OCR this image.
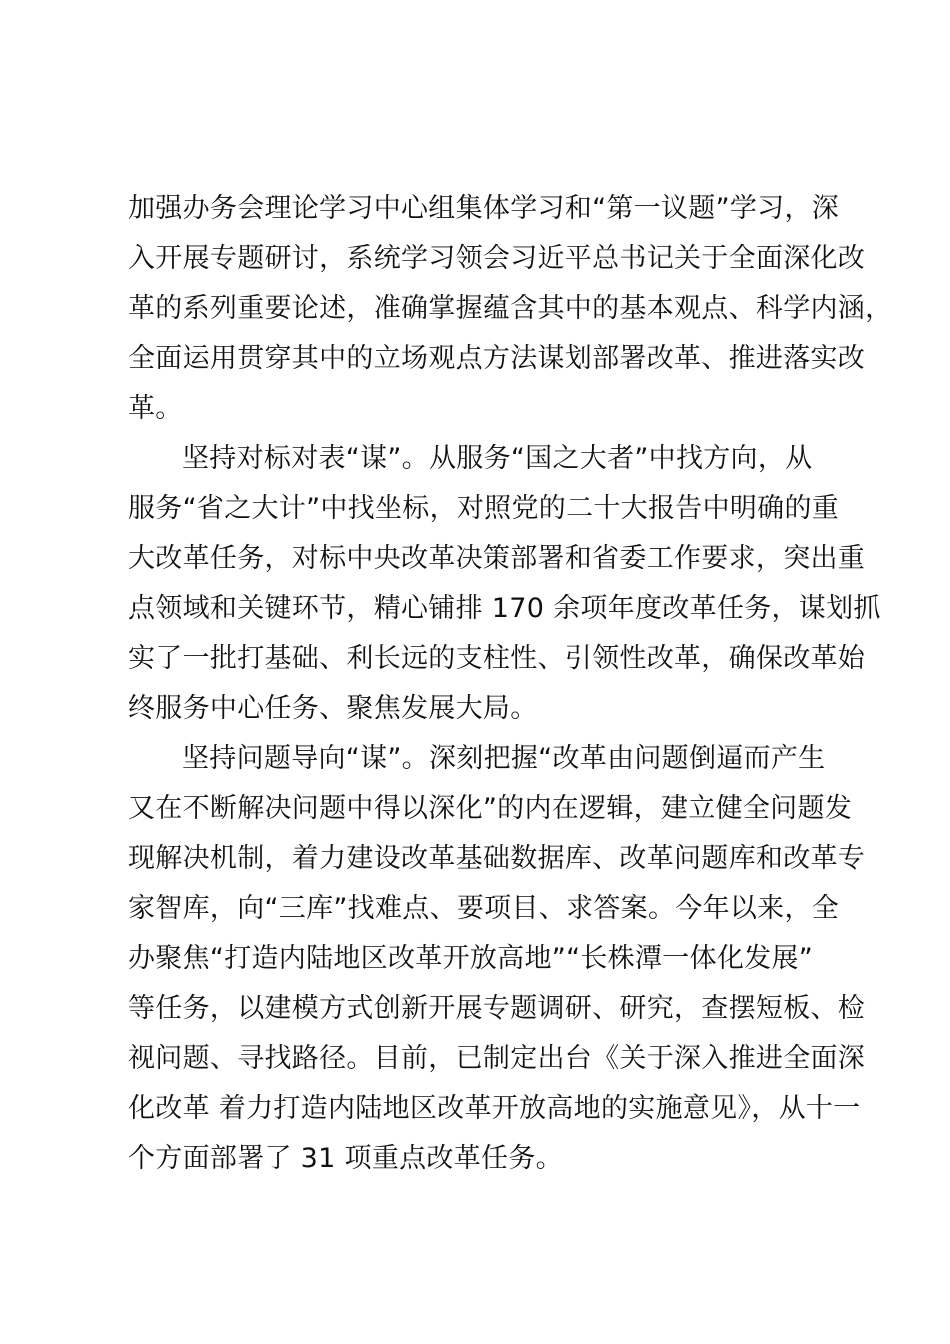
加强办务会理论学习中心组集体学习和“第一议题”学习，深
入开展专题研讨，系统学习领会习近平总书记关于全面深化改
革的系列重要论述，准确掌握蕴含其中的基本观点、科学内涵，
全面运用贯穿其中的立场观点方法谋划部署改革、推进落实改
革。
坚持对标对表“谋”。从服务“国之大者”中找方向，从
服务“省之大计”中找坐标，对照党的二十大报告中明确的重
大改革任务，对标中央改革决策部署和省委工作要求，突出重
点领域和关键环节，精心铺排 170 余项年度改革任务，谋划抓
实了一批打基础、利长远的支柱性、引领性改革，确保改革始
终服务中心任务、聚焦发展大局。
坚持问题导向“谋”。深刻把握“改革由问题倒逼而产生
又在不断解决问题中得以深化”的内在逻辑，建立健全问题发
现解决机制，着力建设改革基础数据库、改革问题库和改革专
家智库，向“三库”找难点、要项目、求答案。今年以来，全
办聚焦“打造内陆地区改革开放高地”“长株潭一体化发展”
等任务，以建模方式创新开展专题调研、研究，查摆短板、检
视问题、寻找路径。目前，已制定出台《关于深入推进全面深
化改革 着力打造内陆地区改革开放高地的实施意见》，从十一
个方面部署了 31 项重点改革任务。
